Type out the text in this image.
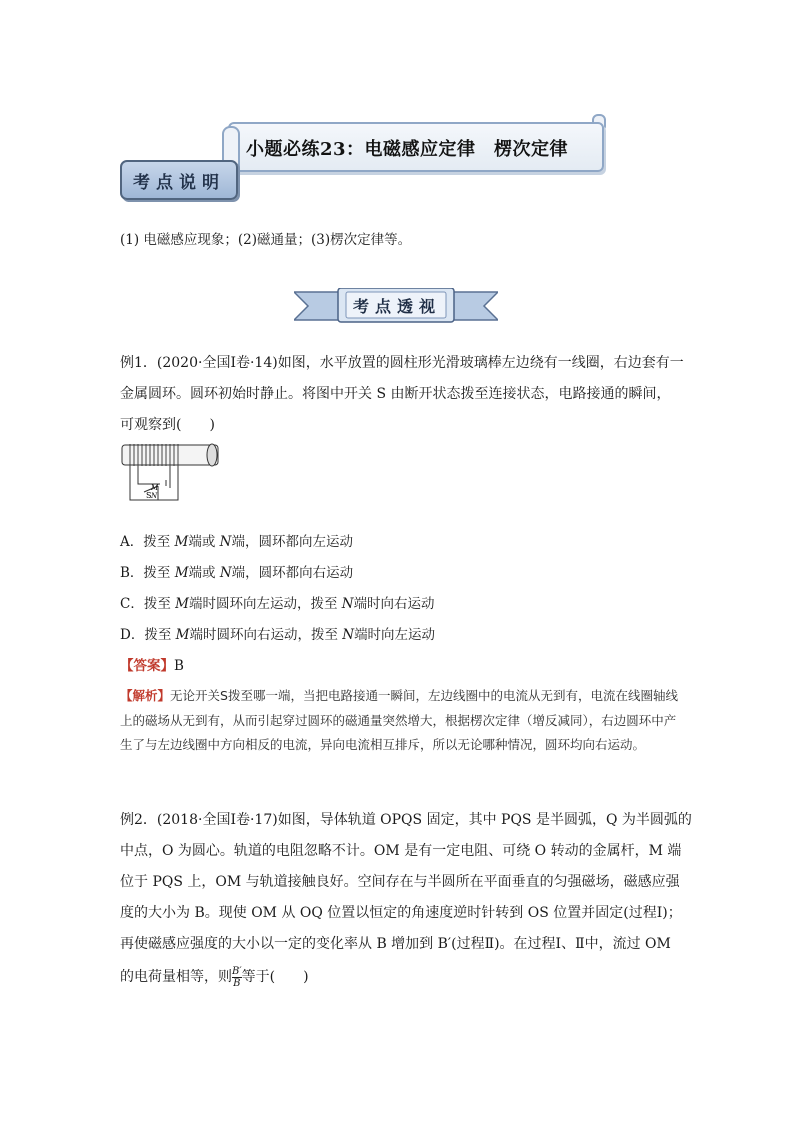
小题必练23：电磁感应定律　楞次定律
考点说明
(1) 电磁感应现象；(2)磁通量；(3)楞次定律等。
考点透视
例1．(2020·全国Ⅰ卷·14)如图，水平放置的圆柱形光滑玻璃棒左边绕有一线圈，右边套有一
金属圆环。圆环初始时静止。将图中开关 S 由断开状态拨至连接状态，电路接通的瞬间，
可观察到(　　)
S
M
N
A．拨至 M端或 N端，圆环都向左运动
B．拨至 M端或 N端，圆环都向右运动
C．拨至 M端时圆环向左运动，拨至 N端时向右运动
D．拨至 M端时圆环向右运动，拨至 N端时向左运动
【答案】B
【解析】无论开关S拨至哪一端，当把电路接通一瞬间，左边线圈中的电流从无到有，电流在线圈轴线上的磁场从无到有，从而引起穿过圆环的磁通量突然增大，根据楞次定律（增反减同），右边圆环中产生了与左边线圈中方向相反的电流，异向电流相互排斥，所以无论哪种情况，圆环均向右运动。
例2．(2018·全国Ⅰ卷·17)如图，导体轨道 OPQS 固定，其中 PQS 是半圆弧，Q 为半圆弧的
中点，O 为圆心。轨道的电阻忽略不计。OM 是有一定电阻、可绕 O 转动的金属杆，M 端
位于 PQS 上，OM 与轨道接触良好。空间存在与半圆所在平面垂直的匀强磁场，磁感应强
度的大小为 B。现使 OM 从 OQ 位置以恒定的角速度逆时针转到 OS 位置并固定(过程Ⅰ)；
再使磁感应强度的大小以一定的变化率从 B 增加到 B′(过程Ⅱ)。在过程Ⅰ、Ⅱ中，流过 OM
的电荷量相等，则 $\frac{B'}{B}$ 等于(　　)
